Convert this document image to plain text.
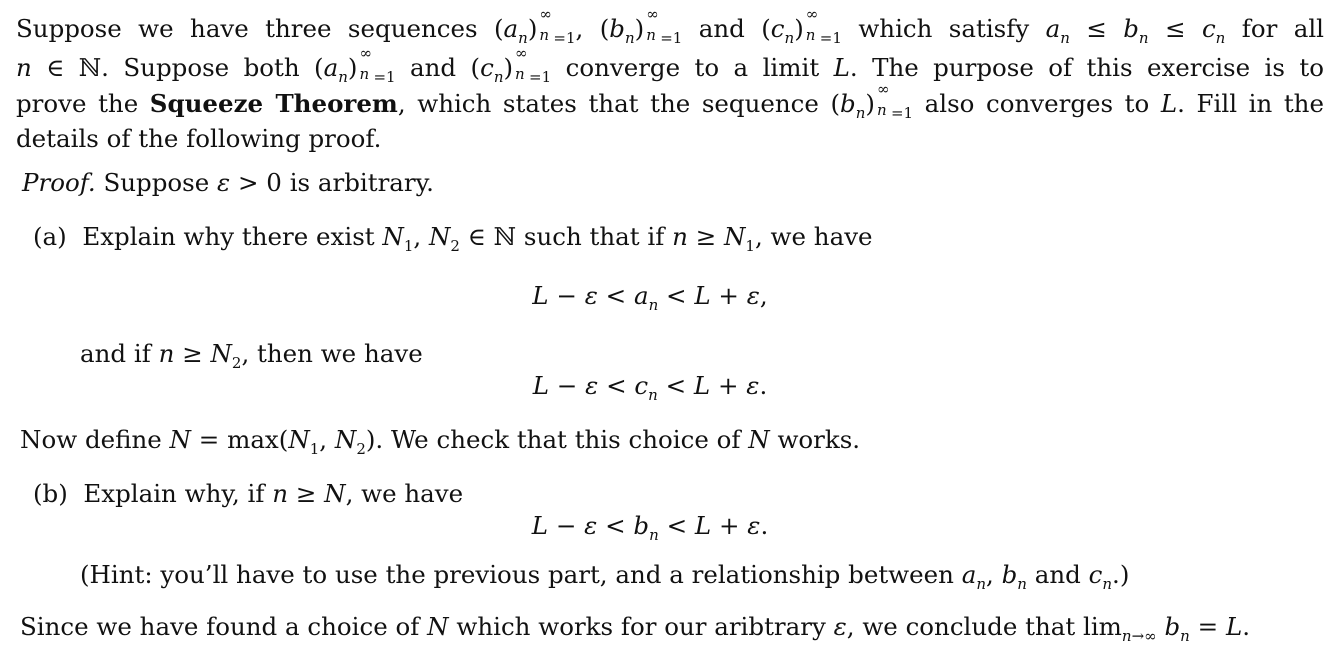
Suppose we have three sequences $(a_n)$ ∞
n $_{=1}$, $(b_n)$ ∞
n $_{=1}$ and $(c_n)$ ∞
n $_{=1}$ which satisfy $a_n \le b_n \le c_n$ for all
n ∈ ℕ. Suppose both $(a_n)$ ∞
n $_{=1}$ and $(c_n)$ ∞
n $_{=1}$ converge to a limit L. The purpose of this exercise is to
prove the Squeeze Theorem, which states that the sequence $(b_n)$ ∞
n $_{=1}$ also converges to L. Fill in the
details of the following proof.
Proof. Suppose ε > 0 is arbitrary.
(a) Explain why there exist $N_1$, $N_2$ ∈ ℕ such that if $n \ge N_1$, we have
$L - \varepsilon < a_n < L + \varepsilon$,
and if $n \ge N_2$, then we have
$L - \varepsilon < c_n < L + \varepsilon$.
Now define $N = \max(N_1$, $N_2$). We check that this choice of N works.
(b) Explain why, if n ≥ N, we have
$L - \varepsilon < b_n < L + \varepsilon$.
(Hint: you’ll have to use the previous part, and a relationship between $a_n$, $b_n$ and $c_n$.)
Since we have found a choice of N which works for our aribtrary ε, we conclude that $\lim_{n\to\infty} b_n = L$.
